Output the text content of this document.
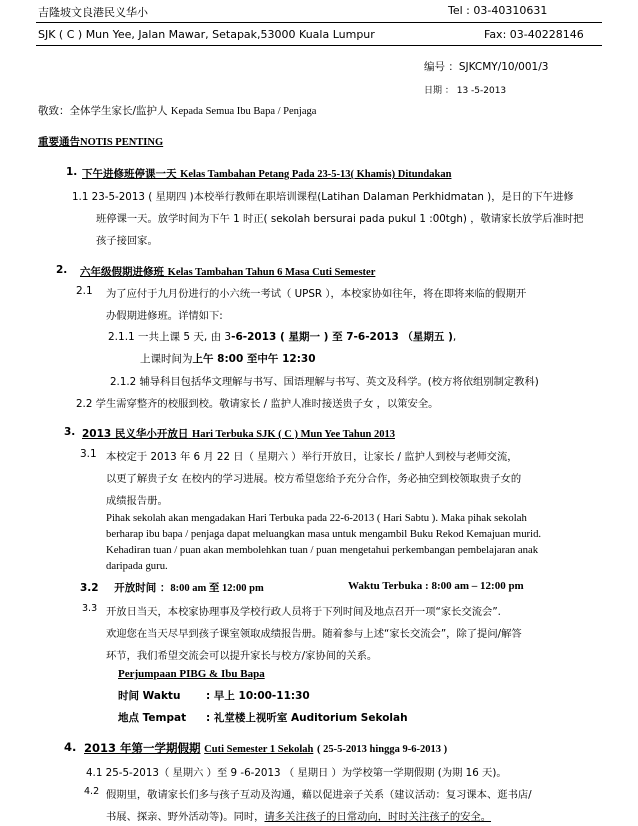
吉隆坡文良港民义华小	Tel : 03-40310631
SJK ( C ) Mun Yee, Jalan Mawar, Setapak,53000 Kuala Lumpur	Fax: 03-40228146
编号 ：SJKCMY/10/001/3
日期 ： 13 -5-2013
敬致：全体学生家长/监护人 Kepada Semua Ibu Bapa / Penjaga
重要通告NOTIS PENTING
1. 下午进修班停课一天 Kelas Tambahan Petang Pada 23-5-13( Khamis) Ditundakan
1.1 23-5-2013 ( 星期四 )本校举行教师在职培训课程(Latihan Dalaman Perkhidmatan )，是日的下午进修
班停课一天。放学时间为下午 1 时正( sekolah bersurai pada pukul 1 :00tgh) ，敬请家长放学后准时把
孩子接回家。
2. 六年级假期进修班 Kelas Tambahan Tahun 6 Masa Cuti Semester
2.1 为了应付于九月份进行的小六统一考试（ UPSR ），本校家协如往年，将在即将来临的假期开
办假期进修班。详情如下:
2.1.1 一共上课 5 天, 由 3-6-2013 ( 星期一 ) 至 7-6-2013 （星期五 ),
上课时间为上午 8:00 至中午 12:30
2.1.2 辅导科目包括华文理解与书写、国语理解与书写、英文及科学。(校方将依组别制定教科)
2.2 学生需穿整齐的校服到校。敬请家长 / 监护人准时接送贵子女 ，以策安全。
3. 2013 民义华小开放日 Hari Terbuka SJK ( C ) Mun Yee Tahun 2013
3.1 本校定于 2013 年 6 月 22 日（ 星期六 ）举行开放日，让家长 / 监护人到校与老师交流，
以更了解贵子女 在校内的学习进展。校方希望您给予充分合作，务必抽空到校领取贵子女的
成绩报告册。
Pihak sekolah akan mengadakan Hari Terbuka pada 22-6-2013 ( Hari Sabtu ). Maka pihak sekolah
berharap ibu bapa / penjaga dapat meluangkan masa untuk mengambil Buku Rekod Kemajuan murid.
Kehadiran tuan / puan akan membolehkan tuan / puan mengetahui perkembangan pembelajaran anak
daripada guru.
3.2 开放时间 ：8:00 am 至 12:00 pm	Waktu Terbuka : 8:00 am – 12:00 pm
3.3 开放日当天，本校家协理事及学校行政人员将于下列时间及地点召开一项“家长交流会”.
欢迎您在当天尽早到孩子课室领取成绩报告册。随着参与上述“家长交流会”，除了提问/解答
环节，我们希望交流会可以提升家长与校方/家协间的关系。
Perjumpaan PIBG & Ibu Bapa
时间 Waktu : 早上 10:00-11:30
地点 Tempat : 礼堂楼上视听室 Auditorium Sekolah
4. 2013 年第一学期假期 Cuti Semester 1 Sekolah ( 25-5-2013 hingga 9-6-2013 )
4.1 25-5-2013（ 星期六 ）至 9 -6-2013 （ 星期日 ）为学校第一学期假期 (为期 16 天)。
4.2 假期里，敬请家长们多与孩子互动及沟通，藉以促进亲子关系（建议活动：复习课本、逛书店/
书展、探亲、野外活动等)。同时，请多关注孩子的日常动向，时时关注孩子的安全。
